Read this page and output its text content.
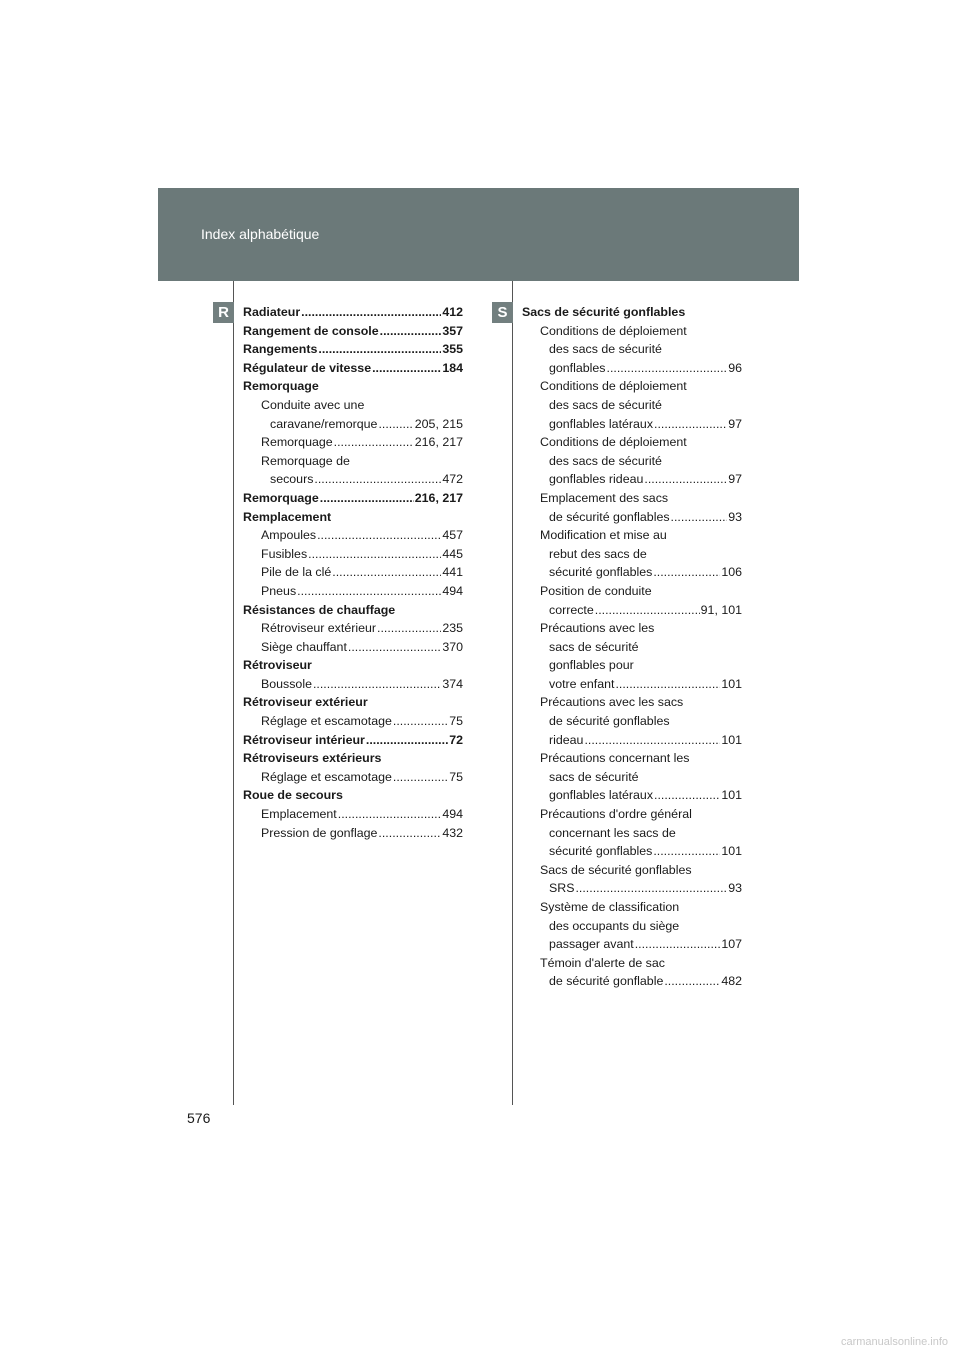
Index alphabétique
R	S
Radiateur .....	412
Rangement de console .....	357
Rangements .....	355
Régulateur de vitesse .....	184
Remorquage
Conduite avec une
caravane/remorque .....	205, 215
Remorquage .....	216, 217
Remorquage de
secours .....	472
Remorquage .....	216, 217
Remplacement
Ampoules .....	457
Fusibles .....	445
Pile de la clé .....	441
Pneus .....	494
Résistances de chauffage
Rétroviseur extérieur .....	235
Siège chauffant .....	370
Rétroviseur
Boussole .....	374
Rétroviseur extérieur
Réglage et escamotage .....	75
Rétroviseur intérieur .....	72
Rétroviseurs extérieurs
Réglage et escamotage .....	75
Roue de secours
Emplacement .....	494
Pression de gonflage .....	432
Sacs de sécurité gonflables
Conditions de déploiement
des sacs de sécurité
gonflables .....	96
Conditions de déploiement
des sacs de sécurité
gonflables latéraux .....	97
Conditions de déploiement
des sacs de sécurité
gonflables rideau .....	97
Emplacement des sacs
de sécurité gonflables .....	93
Modification et mise au
rebut des sacs de
sécurité gonflables .....	106
Position de conduite
correcte .....	91, 101
Précautions avec les
sacs de sécurité
gonflables pour
votre enfant .....	101
Précautions avec les sacs
de sécurité gonflables
rideau .....	101
Précautions concernant les
sacs de sécurité
gonflables latéraux .....	101
Précautions d'ordre général
concernant les sacs de
sécurité gonflables .....	101
Sacs de sécurité gonflables
SRS .....	93
Système de classification
des occupants du siège
passager avant .....	107
Témoin d'alerte de sac
de sécurité gonflable .....	482
576
carmanualsonline.info
